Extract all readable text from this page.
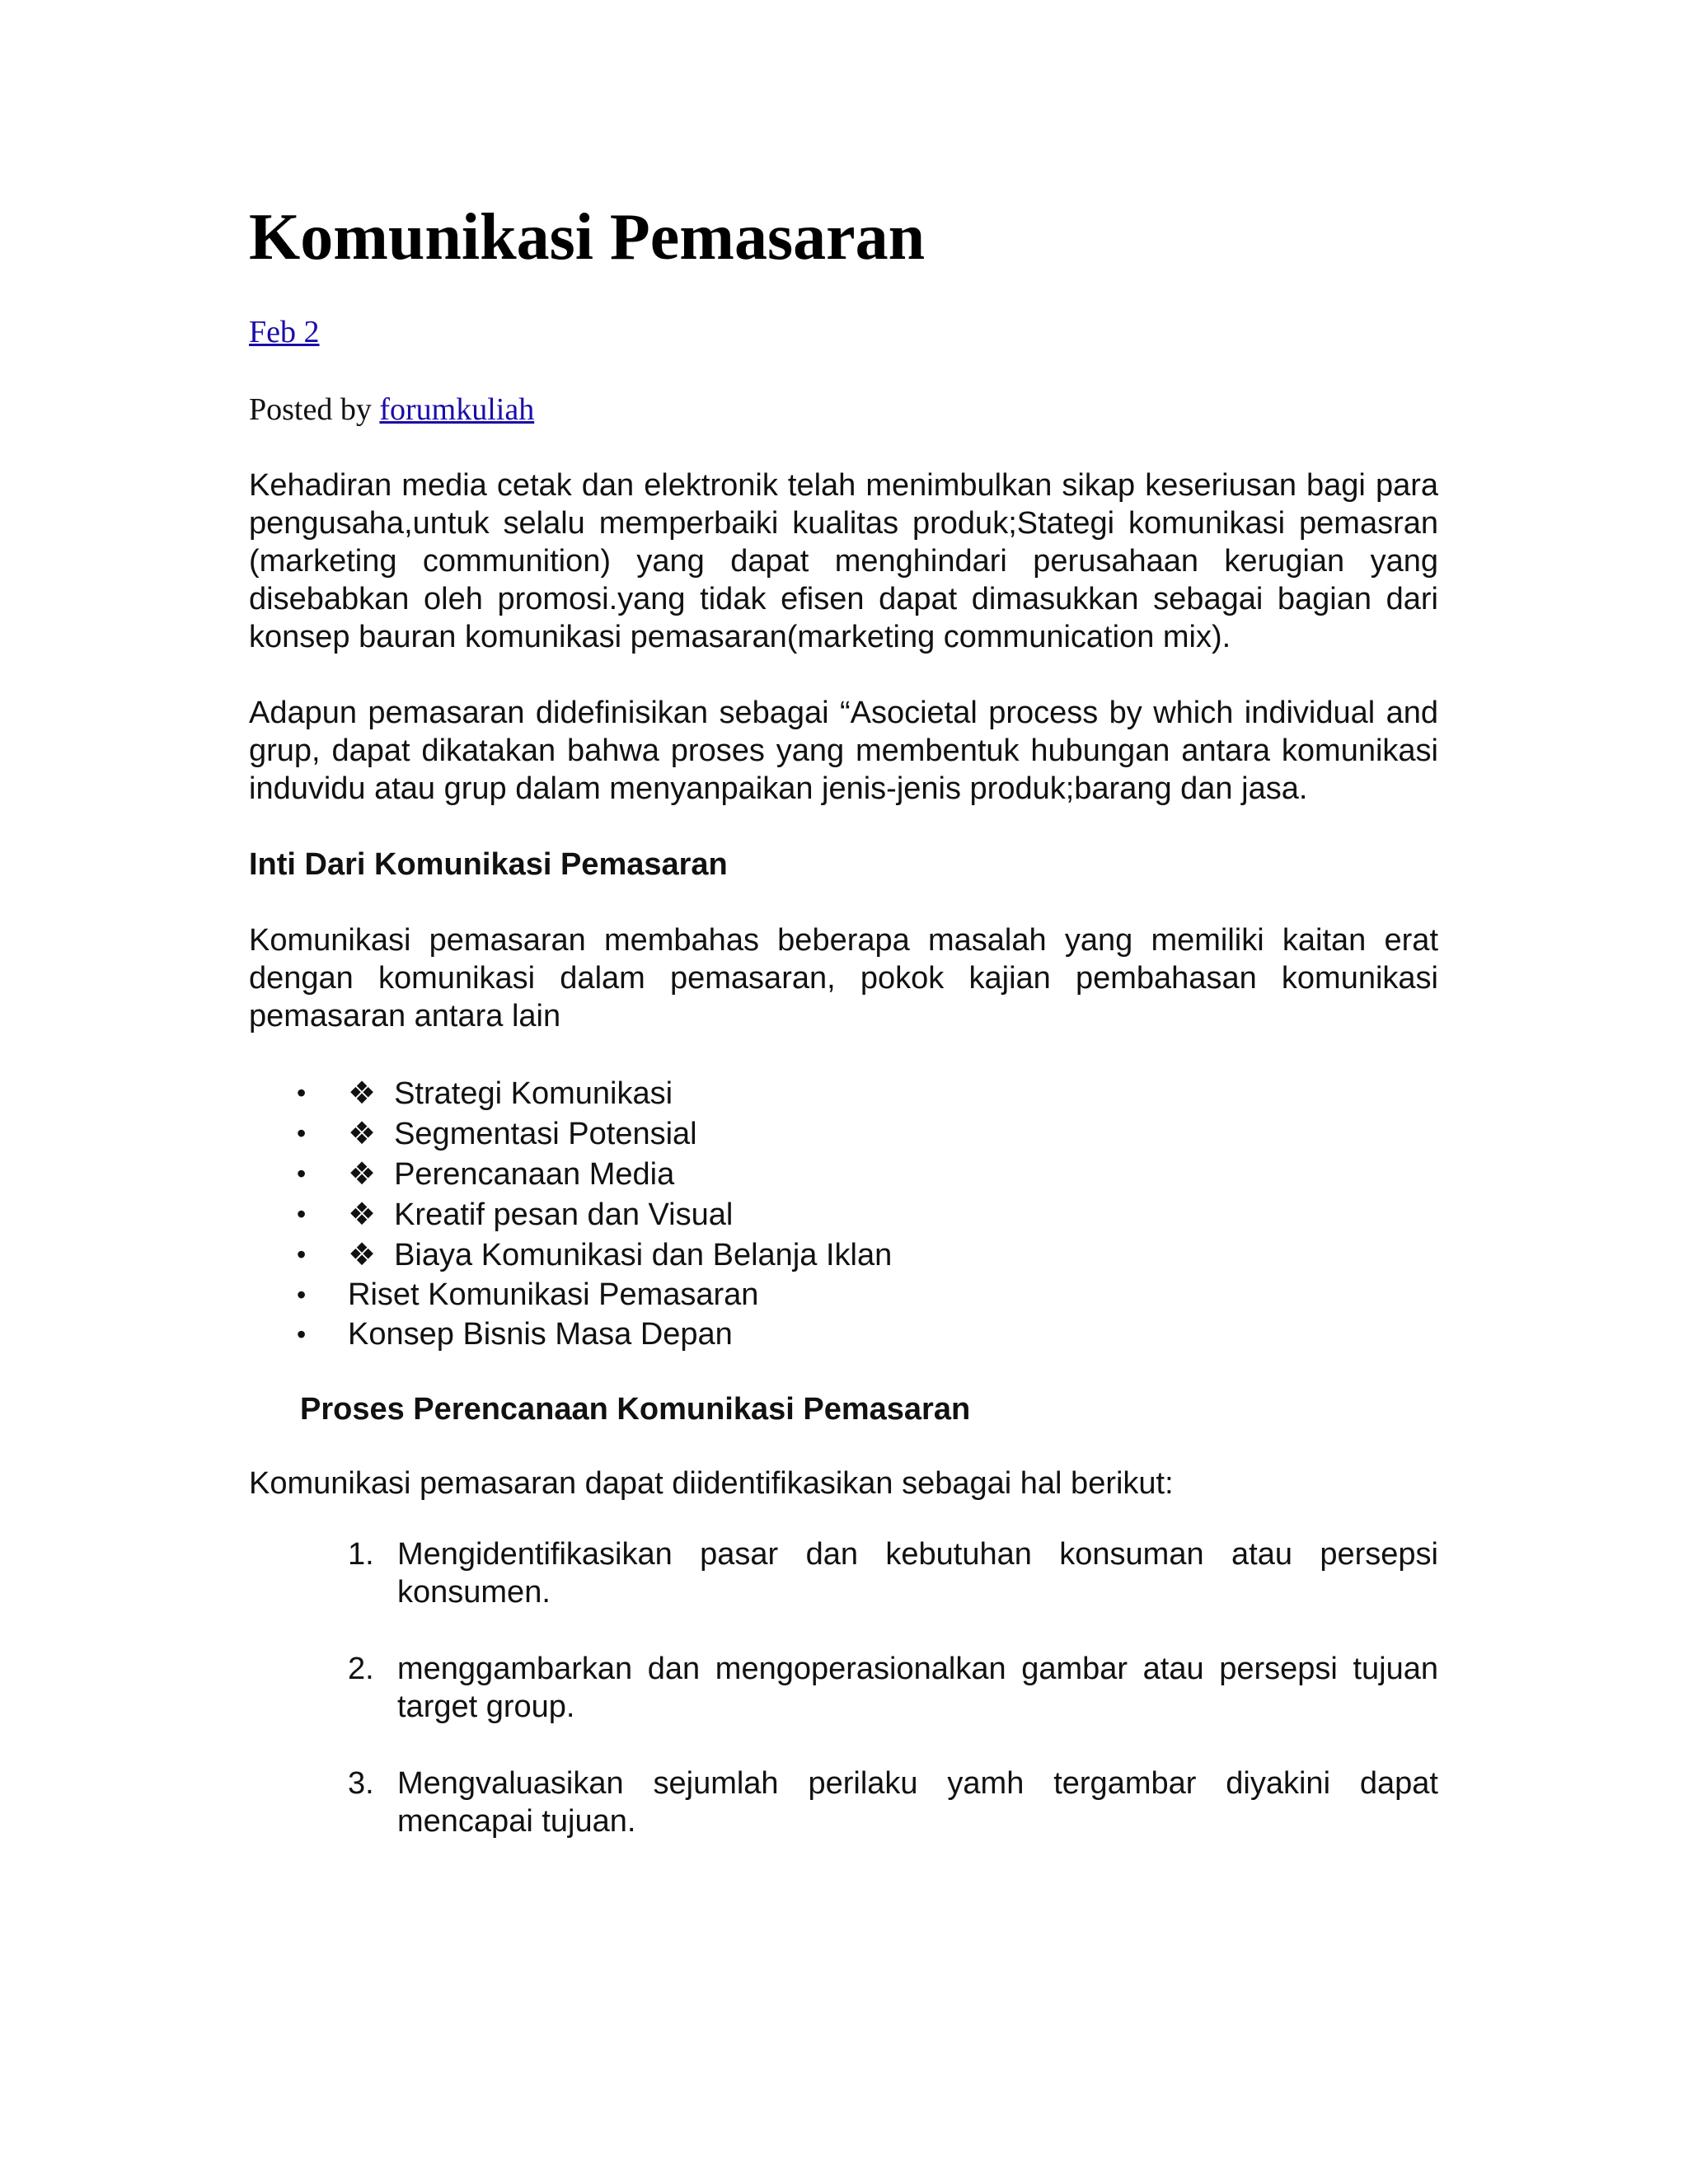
Komunikasi Pemasaran
Feb 2
Posted by forumkuliah

Kehadiran media cetak dan elektronik telah menimbulkan sikap keseriusan bagi para pengusaha,untuk selalu memperbaiki kualitas produk;Stategi komunikasi pemasran (marketing communition) yang dapat menghindari perusahaan kerugian yang disebabkan oleh promosi.yang tidak efisen dapat dimasukkan sebagai bagian dari konsep bauran komunikasi pemasaran(marketing communication mix).

Adapun pemasaran didefinisikan sebagai “Asocietal process by which individual and grup, dapat dikatakan bahwa proses yang membentuk hubungan antara komunikasi induvidu atau grup dalam menyanpaikan jenis-jenis produk;barang dan jasa.

Inti Dari Komunikasi Pemasaran

Komunikasi pemasaran membahas beberapa masalah yang memiliki kaitan erat dengan komunikasi dalam pemasaran, pokok kajian pembahasan komunikasi pemasaran antara lain

• ❖ Strategi Komunikasi
• ❖ Segmentasi Potensial
• ❖ Perencanaan Media
• ❖ Kreatif pesan dan Visual
• ❖ Biaya Komunikasi dan Belanja Iklan
• Riset Komunikasi Pemasaran
• Konsep Bisnis Masa Depan

Proses Perencanaan Komunikasi Pemasaran

Komunikasi pemasaran dapat diidentifikasikan sebagai hal berikut:

1. Mengidentifikasikan pasar dan kebutuhan konsuman atau persepsi konsumen.
2. menggambarkan dan mengoperasionalkan gambar atau persepsi tujuan target group.
3. Mengvaluasikan sejumlah perilaku yamh tergambar diyakini dapat mencapai tujuan.
